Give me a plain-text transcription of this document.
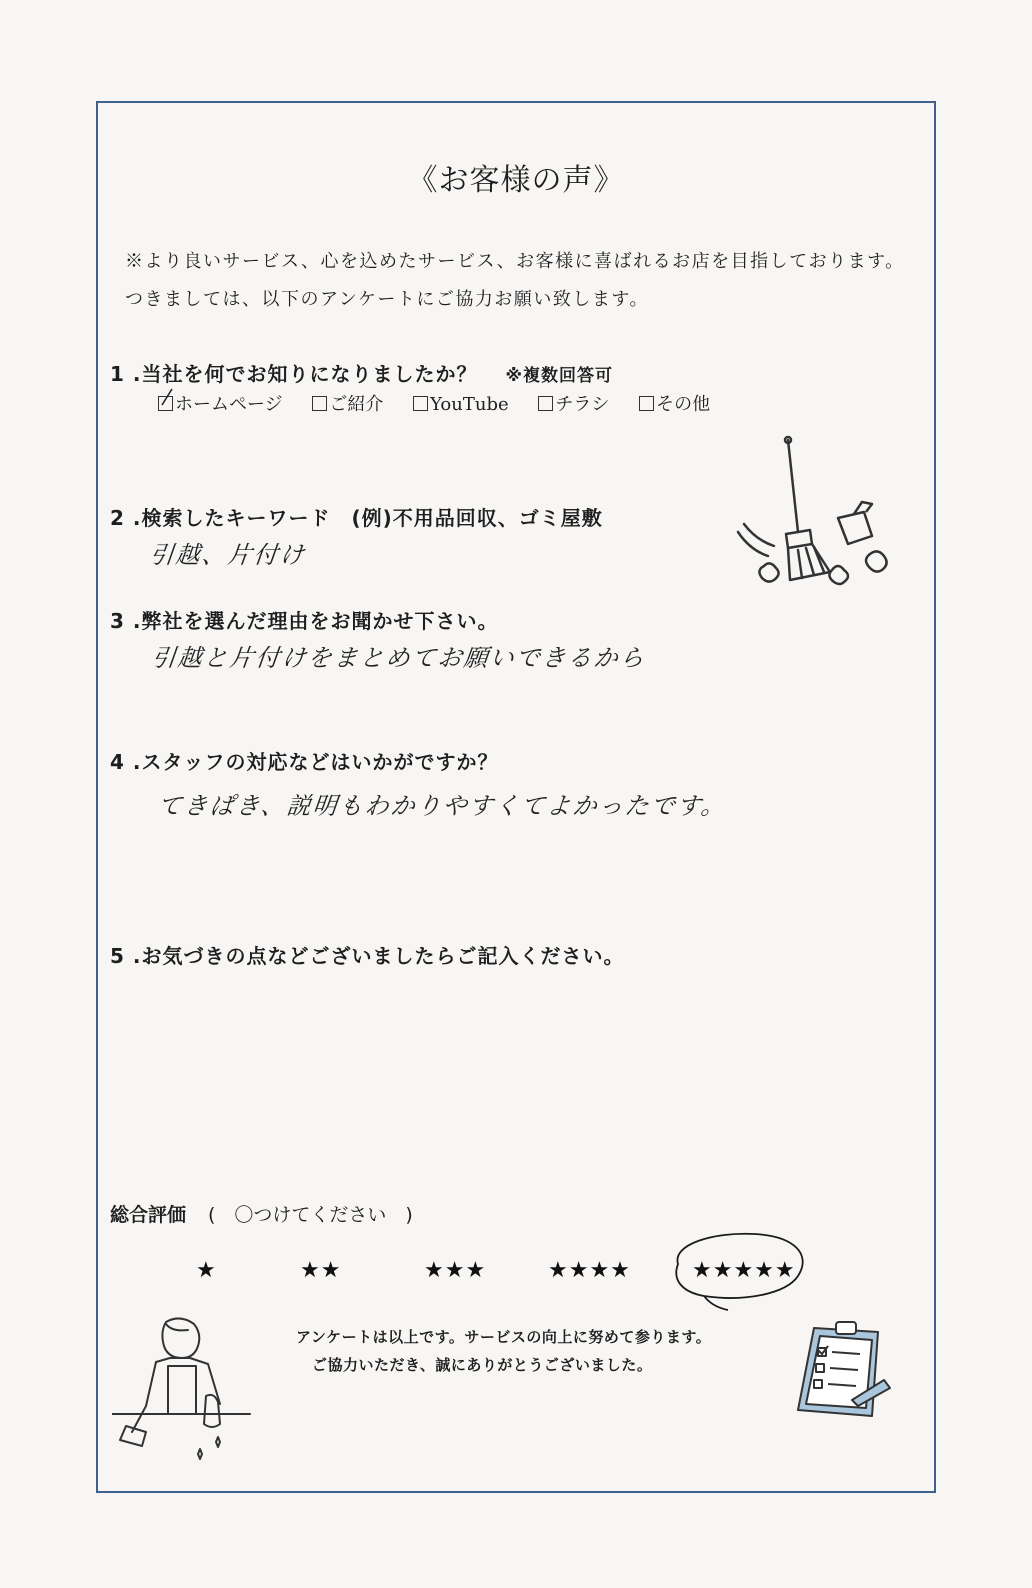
《お客様の声》
※より良いサービス、心を込めたサービス、お客様に喜ばれるお店を目指しております。
つきましては、以下のアンケートにご協力お願い致します。
1 .当社を何でお知りになりましたか？ ※複数回答可
ホームページ	ご紹介	YouTube	チラシ	その他
2 .検索したキーワード　(例)不用品回収、ゴミ屋敷
引越、片付け
3 .弊社を選んだ理由をお聞かせ下さい。
引越と片付けをまとめてお願いできるから
4 .スタッフの対応などはいかがですか？
てきぱき、説明もわかりやすくてよかったです。
5 .お気づきの点などございましたらご記入ください。
総合評価 (　〇つけてください　)
★	★★	★★★	★★★★	★★★★★
アンケートは以上です。サービスの向上に努めて参ります。
ご協力いただき、誠にありがとうございました。
